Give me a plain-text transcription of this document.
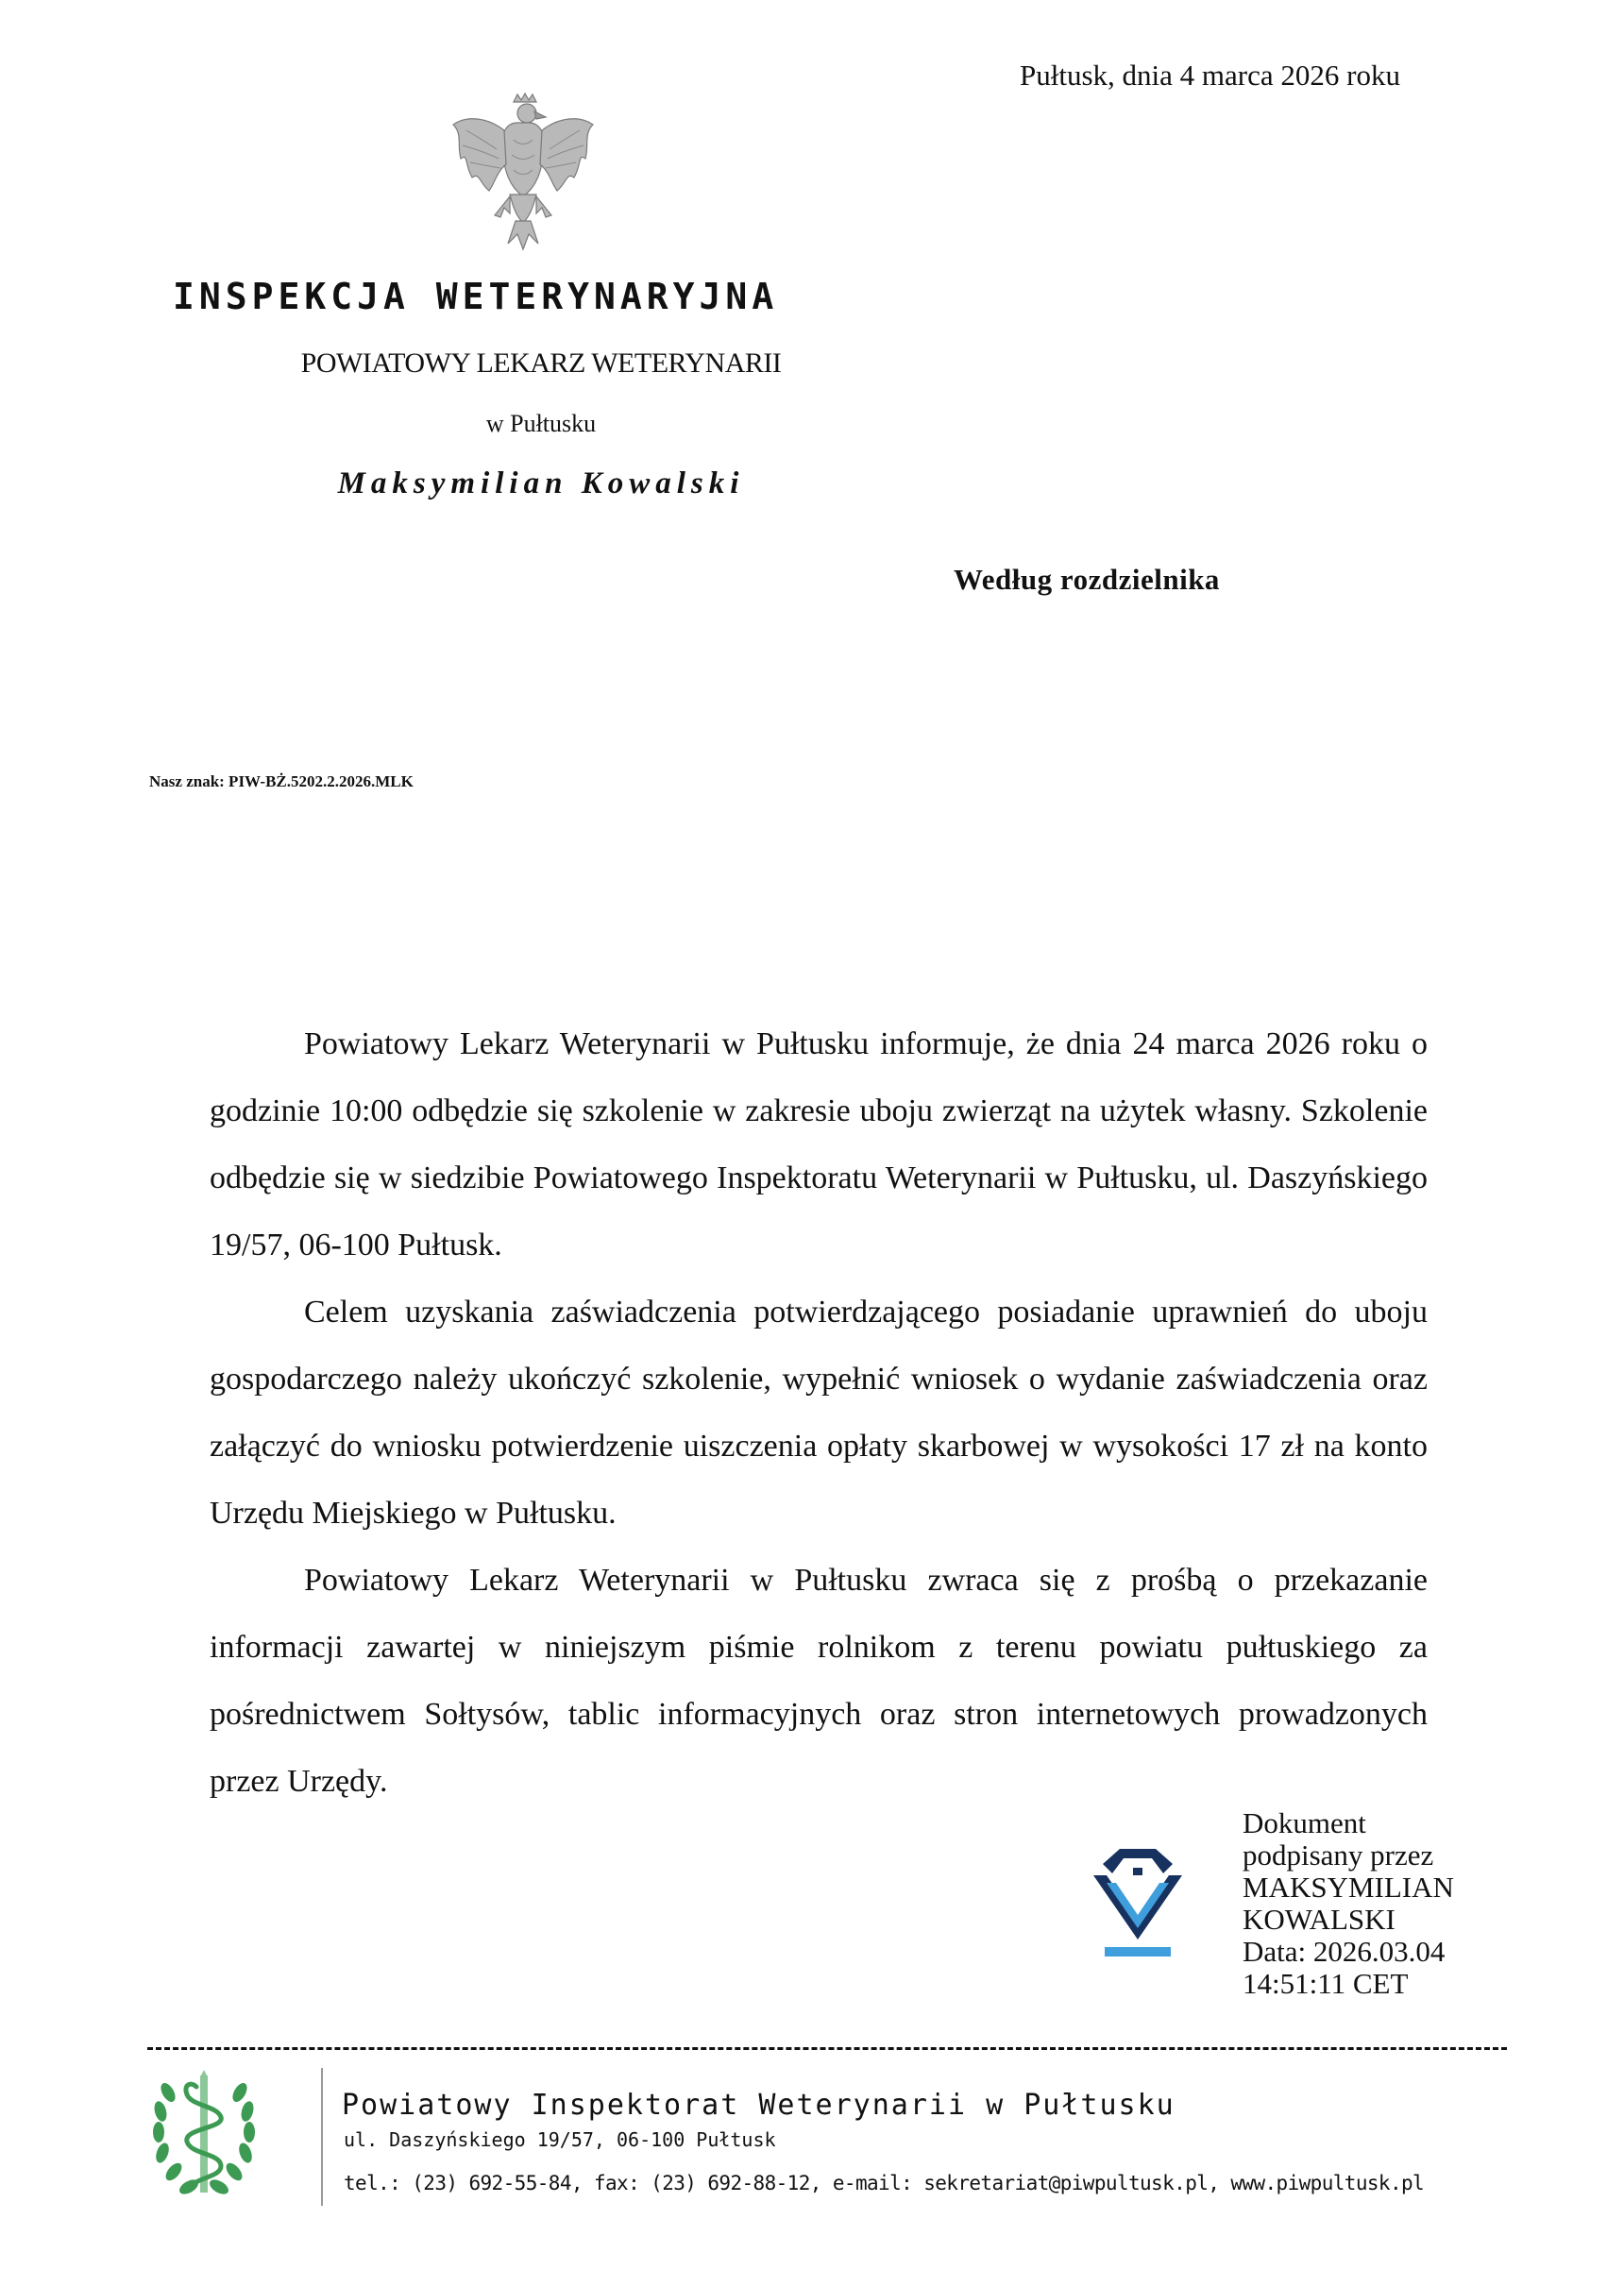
Pułtusk, dnia 4 marca 2026 roku
INSPEKCJA WETERYNARYJNA
POWIATOWY LEKARZ WETERYNARII
w Pułtusku
Maksymilian Kowalski
Według rozdzielnika
Nasz znak: PIW-BŻ.5202.2.2026.MLK

Powiatowy Lekarz Weterynarii w Pułtusku informuje, że dnia 24 marca 2026 roku o godzinie 10:00 odbędzie się szkolenie w zakresie uboju zwierząt na użytek własny. Szkolenie odbędzie się w siedzibie Powiatowego Inspektoratu Weterynarii w Pułtusku, ul. Daszyńskiego 19/57, 06-100 Pułtusk.

Celem uzyskania zaświadczenia potwierdzającego posiadanie uprawnień do uboju gospodarczego należy ukończyć szkolenie, wypełnić wniosek o wydanie zaświadczenia oraz załączyć do wniosku potwierdzenie uiszczenia opłaty skarbowej w wysokości 17 zł na konto Urzędu Miejskiego w Pułtusku.

Powiatowy Lekarz Weterynarii w Pułtusku zwraca się z prośbą o przekazanie informacji zawartej w niniejszym piśmie rolnikom z terenu powiatu pułtuskiego za pośrednictwem Sołtysów, tablic informacyjnych oraz stron internetowych prowadzonych przez Urzędy.

Dokument
podpisany przez
MAKSYMILIAN
KOWALSKI
Data: 2026.03.04
14:51:11 CET
Powiatowy Inspektorat Weterynarii w Pułtusku
ul. Daszyńskiego 19/57, 06-100 Pułtusk
tel.: (23) 692-55-84, fax: (23) 692-88-12, e-mail: sekretariat@piwpultusk.pl, www.piwpultusk.pl
